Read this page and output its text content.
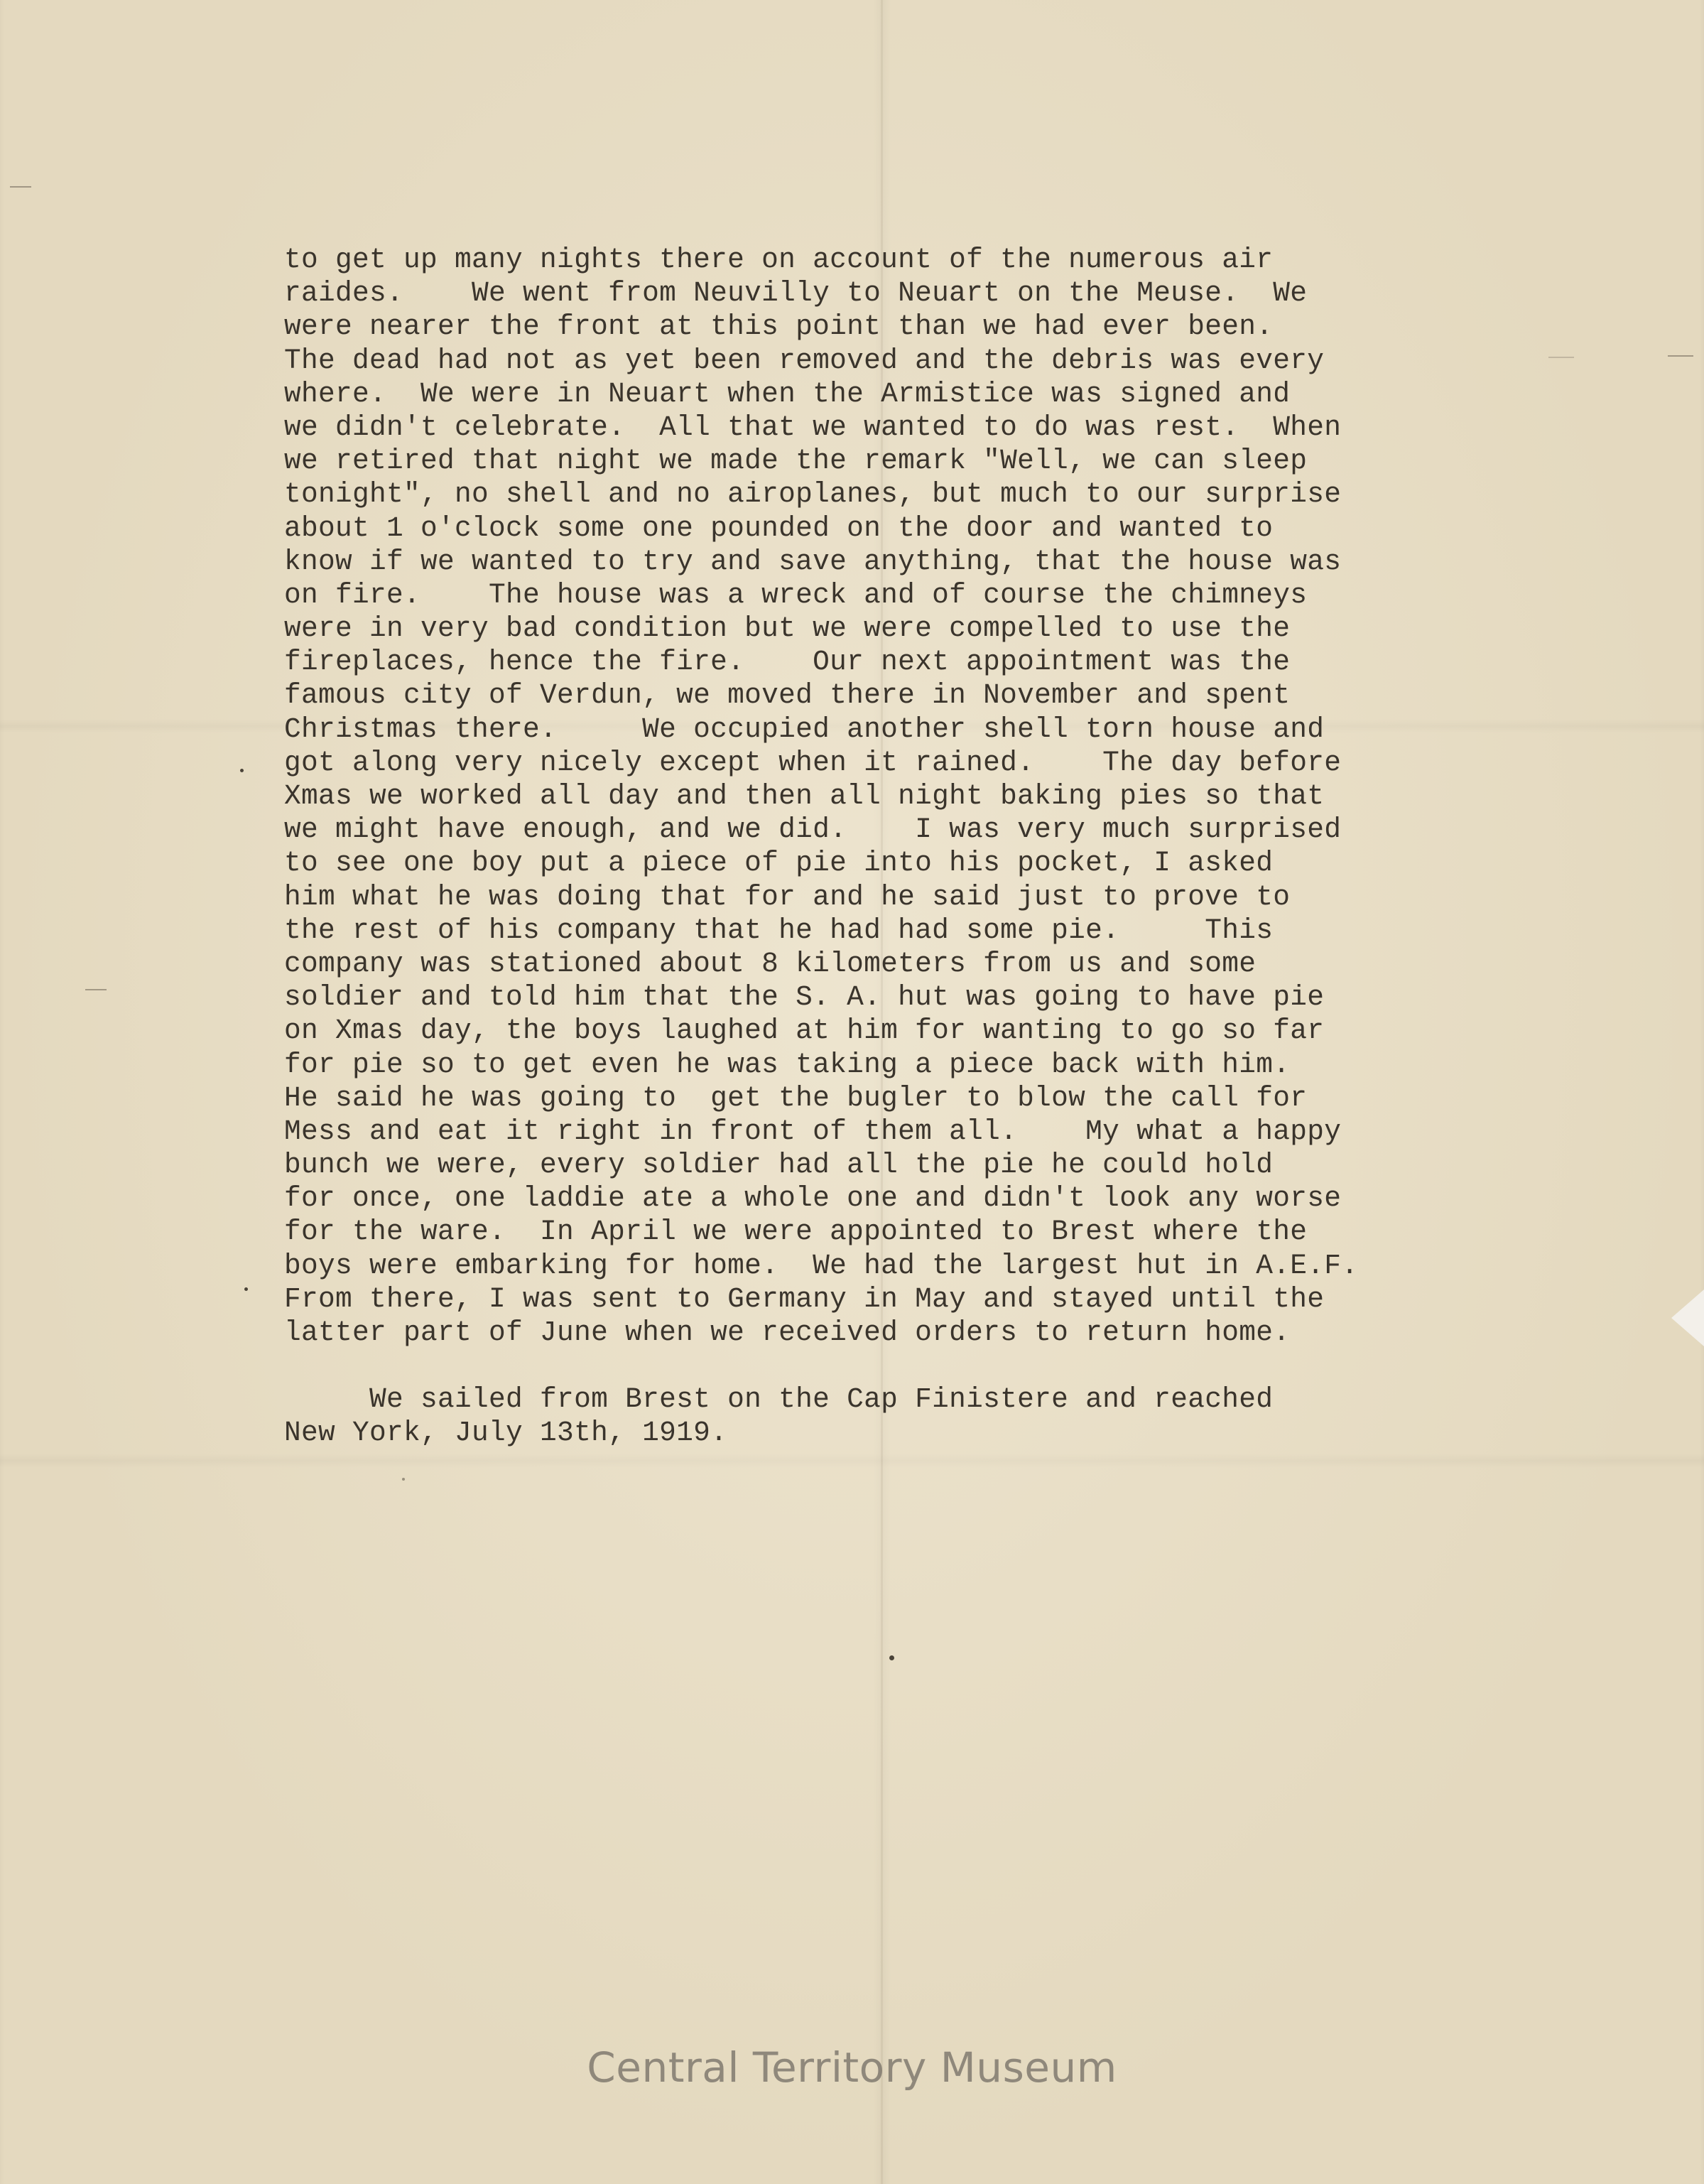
to get up many nights there on account of the numerous air
raides.    We went from Neuvilly to Neuart on the Meuse.  We
were nearer the front at this point than we had ever been.
The dead had not as yet been removed and the debris was every
where.  We were in Neuart when the Armistice was signed and
we didn't celebrate.  All that we wanted to do was rest.  When
we retired that night we made the remark "Well, we can sleep
tonight", no shell and no airoplanes, but much to our surprise
about 1 o'clock some one pounded on the door and wanted to
know if we wanted to try and save anything, that the house was
on fire.    The house was a wreck and of course the chimneys
were in very bad condition but we were compelled to use the
fireplaces, hence the fire.    Our next appointment was the
famous city of Verdun, we moved there in November and spent
Christmas there.     We occupied another shell torn house and
got along very nicely except when it rained.    The day before
Xmas we worked all day and then all night baking pies so that
we might have enough, and we did.    I was very much surprised
to see one boy put a piece of pie into his pocket, I asked
him what he was doing that for and he said just to prove to
the rest of his company that he had had some pie.     This
company was stationed about 8 kilometers from us and some
soldier and told him that the S. A. hut was going to have pie
on Xmas day, the boys laughed at him for wanting to go so far
for pie so to get even he was taking a piece back with him.
He said he was going to  get the bugler to blow the call for
Mess and eat it right in front of them all.    My what a happy
bunch we were, every soldier had all the pie he could hold
for once, one laddie ate a whole one and didn't look any worse
for the ware.  In April we were appointed to Brest where the
boys were embarking for home.  We had the largest hut in A.E.F.
From there, I was sent to Germany in May and stayed until the
latter part of June when we received orders to return home.
We sailed from Brest on the Cap Finistere and reached
New York, July 13th, 1919.
Central Territory Museum
